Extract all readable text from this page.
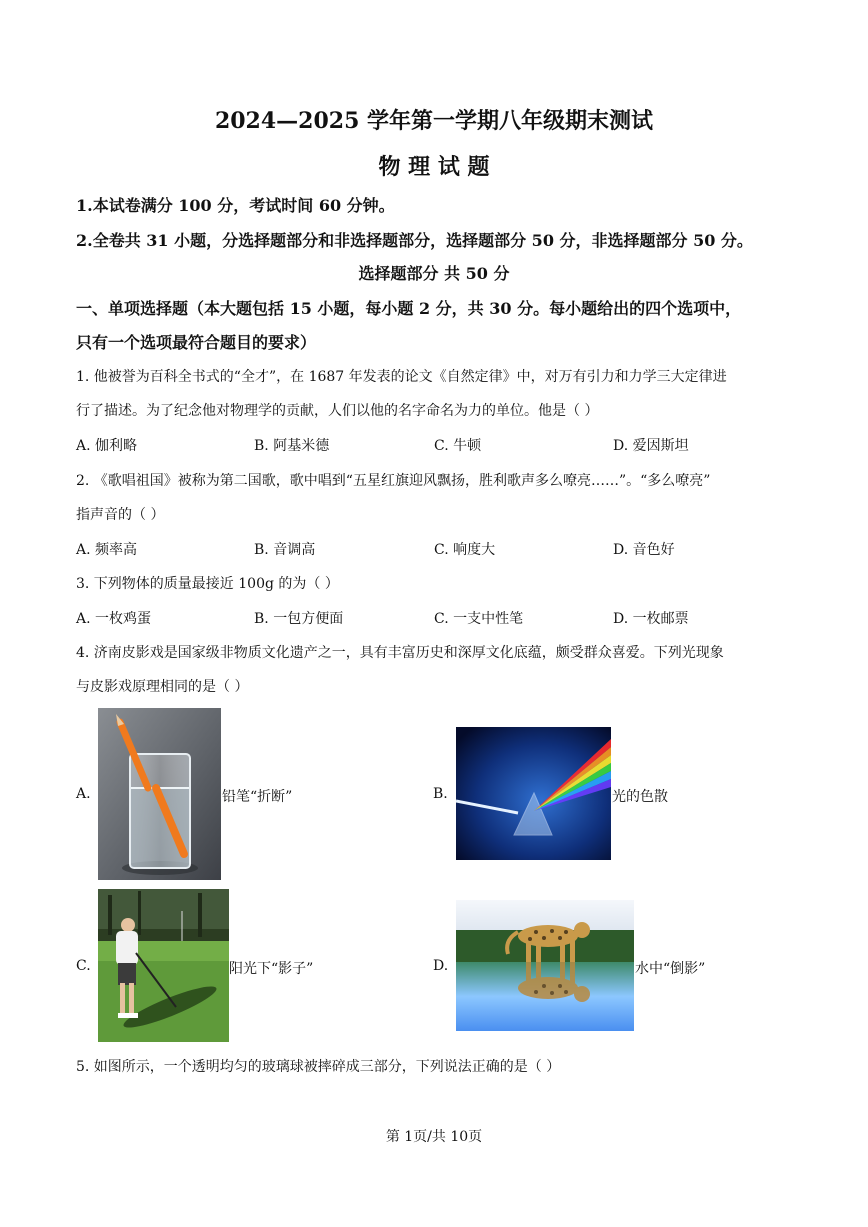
2024—2025 学年第一学期八年级期末测试
物 理 试 题
1.本试卷满分 100 分，考试时间 60 分钟。
2.全卷共 31 小题，分选择题部分和非选择题部分，选择题部分 50 分，非选择题部分 50 分。
选择题部分 共 50 分
一、单项选择题（本大题包括 15 小题，每小题 2 分，共 30 分。每小题给出的四个选项中，
只有一个选项最符合题目的要求）
1. 他被誉为百科全书式的“全才”，在 1687 年发表的论文《自然定律》中，对万有引力和力学三大定律进
行了描述。为了纪念他对物理学的贡献，人们以他的名字命名为力的单位。他是（ ）
A. 伽利略	B. 阿基米德	C. 牛顿	D. 爱因斯坦
2. 《歌唱祖国》被称为第二国歌，歌中唱到“五星红旗迎风飘扬，胜利歌声多么嘹亮……”。“多么嘹亮”
指声音的（ ）
A. 频率高	B. 音调高	C. 响度大	D. 音色好
3. 下列物体的质量最接近 100g 的为（ ）
A. 一枚鸡蛋	B. 一包方便面	C. 一支中性笔	D. 一枚邮票
4. 济南皮影戏是国家级非物质文化遗产之一，具有丰富历史和深厚文化底蕴，颇受群众喜爱。下列光现象
与皮影戏原理相同的是（ ）
A.	铅笔“折断”	B.	光的色散
C.	阳光下“影子”	D.	水中“倒影”
5. 如图所示，一个透明均匀的玻璃球被摔碎成三部分，下列说法正确的是（ ）
第 1页/共 10页
